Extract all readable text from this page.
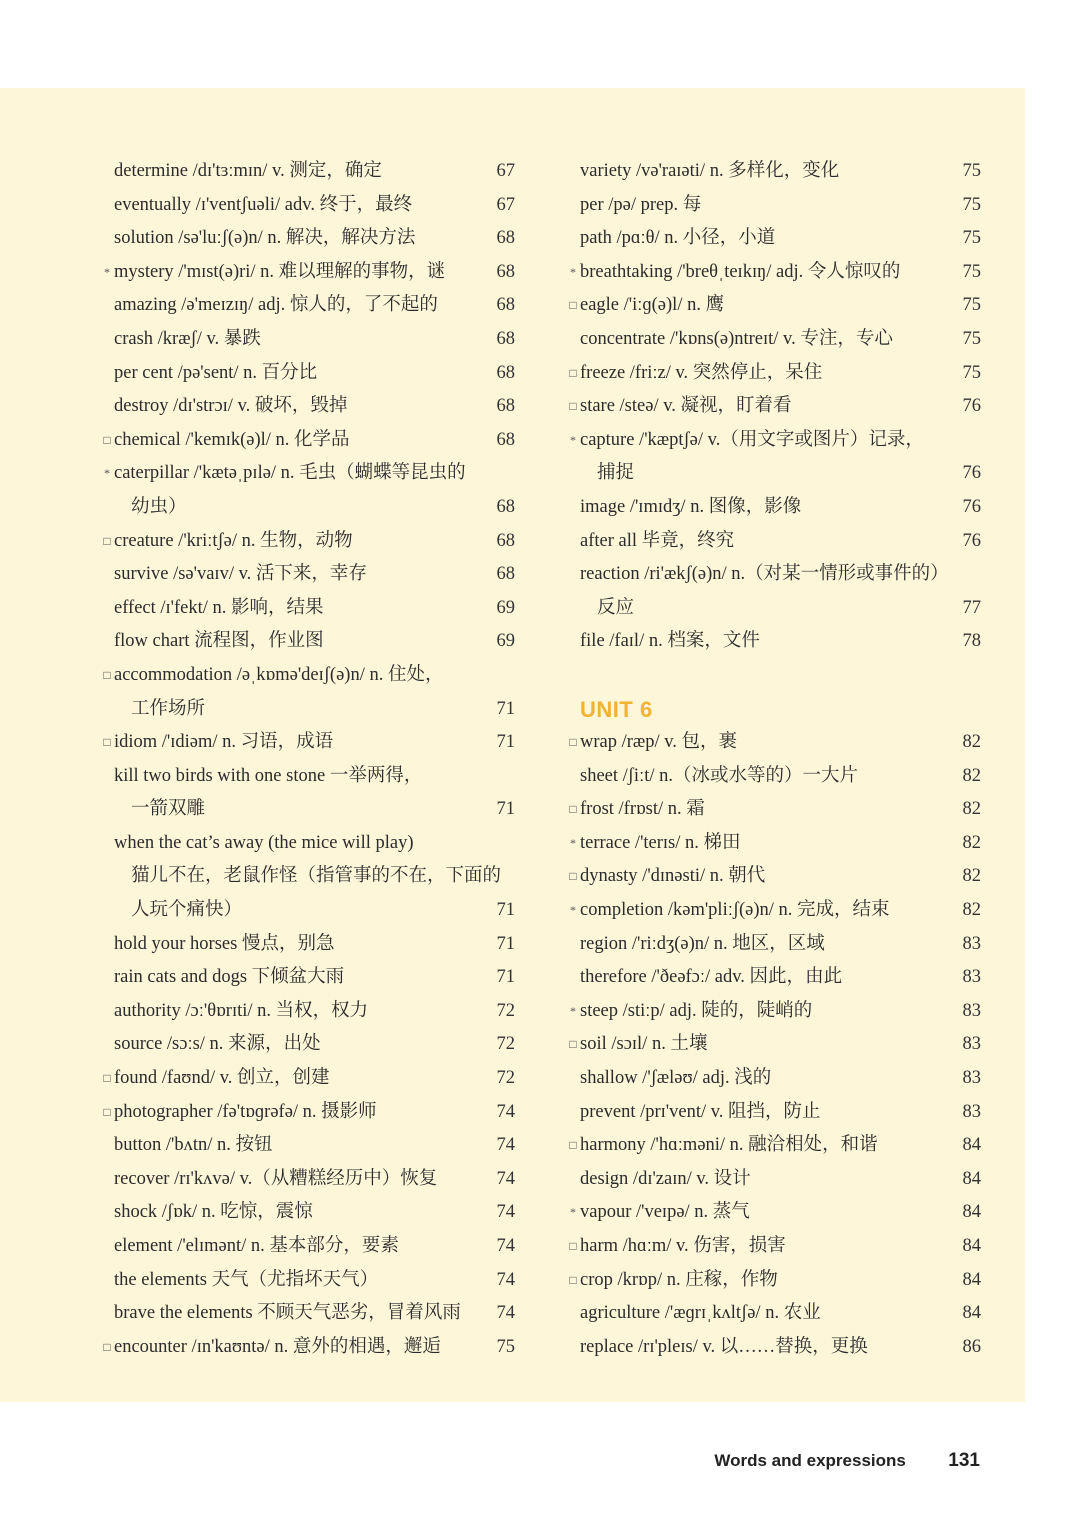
determine /dɪ'tɜːmɪn/ v. 测定，确定	67
eventually /ɪ'ventʃuəli/ adv. 终于，最终	67
solution /sə'luːʃ(ə)n/ n. 解决，解决方法	68
* mystery /'mɪst(ə)ri/ n. 难以理解的事物，谜	68
amazing /ə'meɪzɪŋ/ adj. 惊人的，了不起的	68
crash /kræʃ/ v. 暴跌	68
per cent /pə'sent/ n. 百分比	68
destroy /dɪ'strɔɪ/ v. 破坏，毁掉	68
□ chemical /'kemɪk(ə)l/ n. 化学品	68
* caterpillar /'kætəˌpɪlə/ n. 毛虫（蝴蝶等昆虫的
幼虫）	68
□ creature /'kriːtʃə/ n. 生物，动物	68
survive /sə'vaɪv/ v. 活下来，幸存	68
effect /ɪ'fekt/ n. 影响，结果	69
flow chart 流程图，作业图	69
□ accommodation /əˌkɒmə'deɪʃ(ə)n/ n. 住处，
工作场所	71
□ idiom /'ɪdiəm/ n. 习语，成语	71
kill two birds with one stone 一举两得，
一箭双雕	71
when the cat’s away (the mice will play)
猫儿不在，老鼠作怪（指管事的不在，下面的
人玩个痛快）	71
hold your horses 慢点，别急	71
rain cats and dogs 下倾盆大雨	71
authority /ɔː'θɒrɪti/ n. 当权，权力	72
source /sɔːs/ n. 来源，出处	72
□ found /faʊnd/ v. 创立，创建	72
□ photographer /fə'tɒɡrəfə/ n. 摄影师	74
button /'bʌtn/ n. 按钮	74
recover /rɪ'kʌvə/ v.（从糟糕经历中）恢复	74
shock /ʃɒk/ n. 吃惊，震惊	74
element /'elɪmənt/ n. 基本部分，要素	74
the elements 天气（尤指坏天气）	74
brave the elements 不顾天气恶劣，冒着风雨 74
□ encounter /ɪn'kaʊntə/ n. 意外的相遇，邂逅	75
variety /və'raɪəti/ n. 多样化，变化	75
per /pə/ prep. 每	75
path /pɑːθ/ n. 小径，小道	75
* breathtaking /'breθˌteɪkɪŋ/ adj. 令人惊叹的	75
□ eagle /'iːɡ(ə)l/ n. 鹰	75
concentrate /'kɒns(ə)ntreɪt/ v. 专注，专心	75
□ freeze /friːz/ v. 突然停止，呆住	75
□ stare /steə/ v. 凝视，盯着看	76
* capture /'kæptʃə/ v.（用文字或图片）记录，
捕捉	76
image /'ɪmɪdʒ/ n. 图像，影像	76
after all 毕竟，终究	76
reaction /ri'ækʃ(ə)n/ n.（对某一情形或事件的）
反应	77
file /faɪl/ n. 档案，文件	78
UNIT 6
□ wrap /ræp/ v. 包，裹	82
sheet /ʃiːt/ n.（冰或水等的）一大片	82
□ frost /frɒst/ n. 霜	82
* terrace /'terɪs/ n. 梯田	82
□ dynasty /'dɪnəsti/ n. 朝代	82
* completion /kəm'pliːʃ(ə)n/ n. 完成，结束	82
region /'riːdʒ(ə)n/ n. 地区，区域	83
therefore /'ðeəfɔː/ adv. 因此，由此	83
* steep /stiːp/ adj. 陡的，陡峭的	83
□ soil /sɔɪl/ n. 土壤	83
shallow /'ʃæləʊ/ adj. 浅的	83
prevent /prɪ'vent/ v. 阻挡，防止	83
□ harmony /'hɑːməni/ n. 融洽相处，和谐	84
design /dɪ'zaɪn/ v. 设计	84
* vapour /'veɪpə/ n. 蒸气	84
□ harm /hɑːm/ v. 伤害，损害	84
□ crop /krɒp/ n. 庄稼，作物	84
agriculture /'æɡrɪˌkʌltʃə/ n. 农业	84
replace /rɪ'pleɪs/ v. 以……替换，更换	86
Words and expressions 131
